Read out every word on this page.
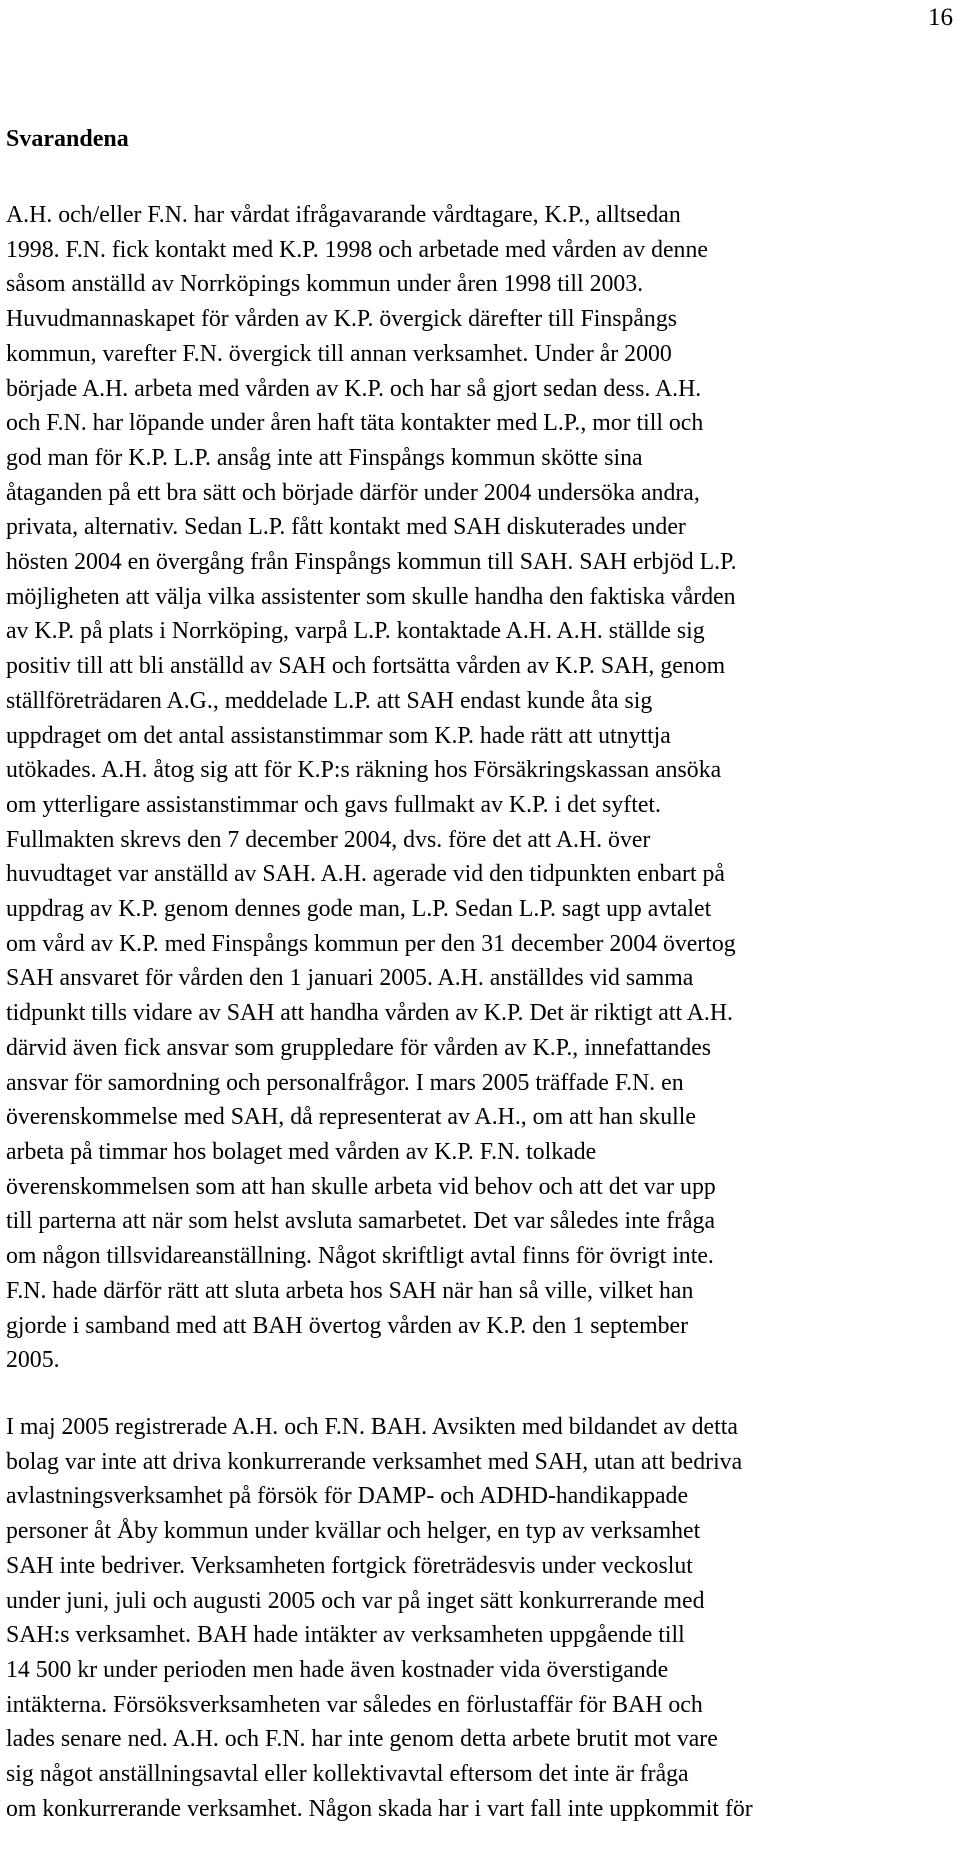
16
Svarandena
A.H. och/eller F.N. har vårdat ifrågavarande vårdtagare, K.P., alltsedan
1998. F.N. fick kontakt med K.P. 1998 och arbetade med vården av denne
såsom anställd av Norrköpings kommun under åren 1998 till 2003.
Huvudmannaskapet för vården av K.P. övergick därefter till Finspångs
kommun, varefter F.N. övergick till annan verksamhet. Under år 2000
började A.H. arbeta med vården av K.P. och har så gjort sedan dess. A.H.
och F.N. har löpande under åren haft täta kontakter med L.P., mor till och
god man för K.P. L.P. ansåg inte att Finspångs kommun skötte sina
åtaganden på ett bra sätt och började därför under 2004 undersöka andra,
privata, alternativ. Sedan L.P. fått kontakt med SAH diskuterades under
hösten 2004 en övergång från Finspångs kommun till SAH. SAH erbjöd L.P.
möjligheten att välja vilka assistenter som skulle handha den faktiska vården
av K.P. på plats i Norrköping, varpå L.P. kontaktade A.H. A.H. ställde sig
positiv till att bli anställd av SAH och fortsätta vården av K.P. SAH, genom
ställföreträdaren A.G., meddelade L.P. att SAH endast kunde åta sig
uppdraget om det antal assistanstimmar som K.P. hade rätt att utnyttja
utökades. A.H. åtog sig att för K.P:s räkning hos Försäkringskassan ansöka
om ytterligare assistanstimmar och gavs fullmakt av K.P. i det syftet.
Fullmakten skrevs den 7 december 2004, dvs. före det att A.H. över
huvudtaget var anställd av SAH. A.H. agerade vid den tidpunkten enbart på
uppdrag av K.P. genom dennes gode man, L.P. Sedan L.P. sagt upp avtalet
om vård av K.P. med Finspångs kommun per den 31 december 2004 övertog
SAH ansvaret för vården den 1 januari 2005. A.H. anställdes vid samma
tidpunkt tills vidare av SAH att handha vården av K.P. Det är riktigt att A.H.
därvid även fick ansvar som gruppledare för vården av K.P., innefattandes
ansvar för samordning och personalfrågor. I mars 2005 träffade F.N. en
överenskommelse med SAH, då representerat av A.H., om att han skulle
arbeta på timmar hos bolaget med vården av K.P. F.N. tolkade
överenskommelsen som att han skulle arbeta vid behov och att det var upp
till parterna att när som helst avsluta samarbetet. Det var således inte fråga
om någon tillsvidareanställning. Något skriftligt avtal finns för övrigt inte.
F.N. hade därför rätt att sluta arbeta hos SAH när han så ville, vilket han
gjorde i samband med att BAH övertog vården av K.P. den 1 september
2005.
I maj 2005 registrerade A.H. och F.N. BAH. Avsikten med bildandet av detta
bolag var inte att driva konkurrerande verksamhet med SAH, utan att bedriva
avlastningsverksamhet på försök för DAMP- och ADHD-handikappade
personer åt Åby kommun under kvällar och helger, en typ av verksamhet
SAH inte bedriver. Verksamheten fortgick företrädesvis under veckoslut
under juni, juli och augusti 2005 och var på inget sätt konkurrerande med
SAH:s verksamhet. BAH hade intäkter av verksamheten uppgående till
14 500 kr under perioden men hade även kostnader vida överstigande
intäkterna. Försöksverksamheten var således en förlustaffär för BAH och
lades senare ned. A.H. och F.N. har inte genom detta arbete brutit mot vare
sig något anställningsavtal eller kollektivavtal eftersom det inte är fråga
om konkurrerande verksamhet. Någon skada har i vart fall inte uppkommit för
